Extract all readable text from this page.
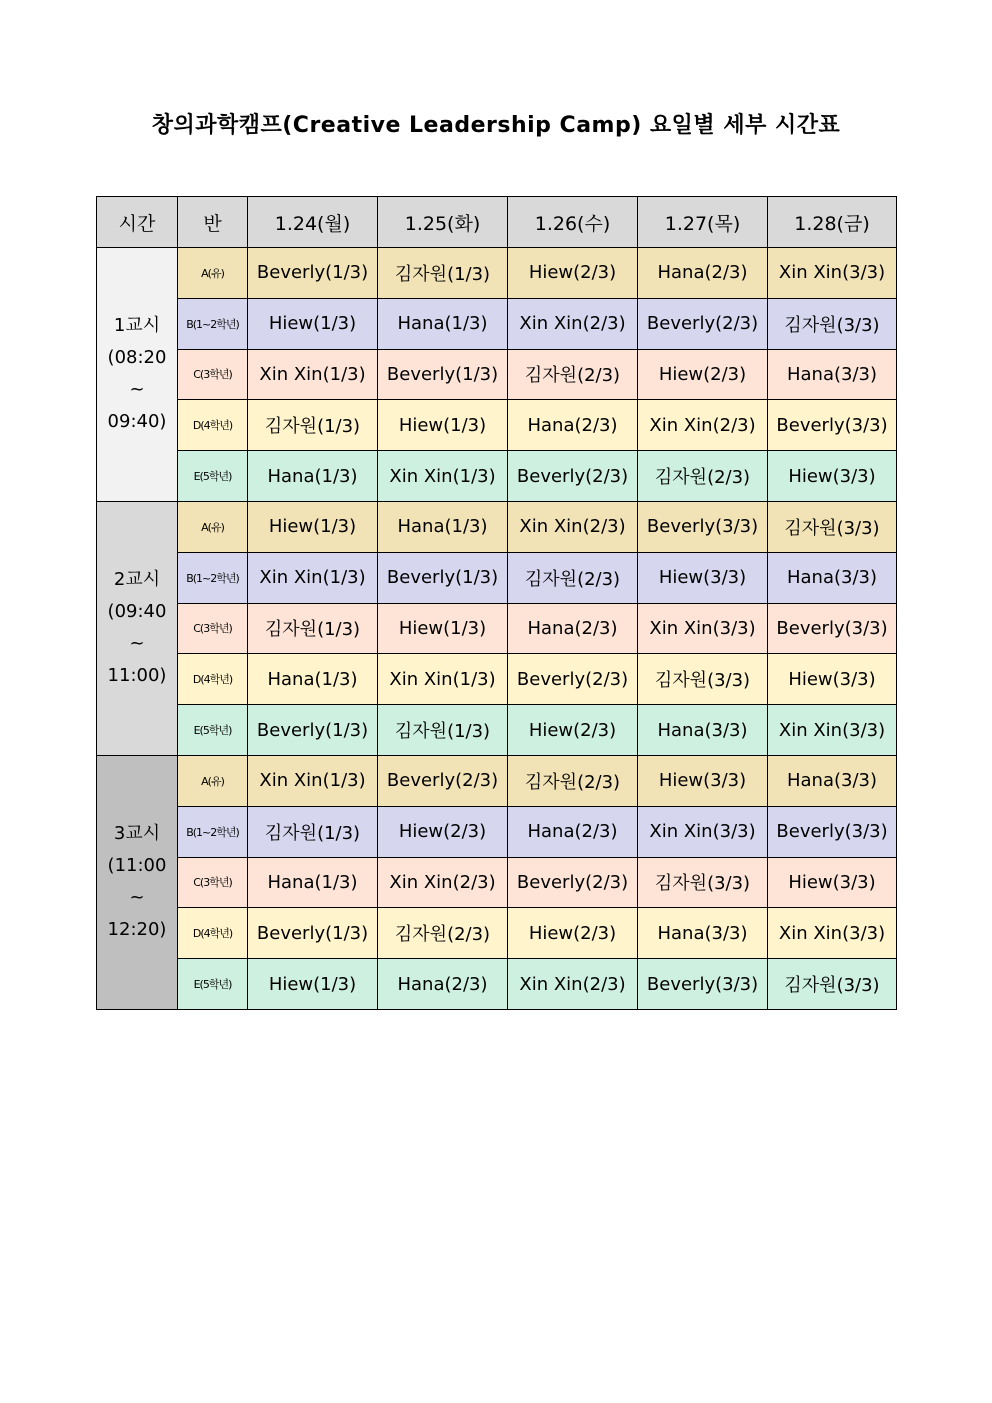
창의과학캠프(Creative Leadership Camp) 요일별 세부 시간표
시간	반	1.24(월)	1.25(화)	1.26(수)	1.27(목)	1.28(금)

1교시
(08:20
~
09:40)	A(유)	Beverly(1/3)	김자원(1/3)	Hiew(2/3)	Hana(2/3)	Xin Xin(3/3)
	B(1~2학년)	Hiew(1/3)	Hana(1/3)	Xin Xin(2/3)	Beverly(2/3)	김자원(3/3)
	C(3학년)	Xin Xin(1/3)	Beverly(1/3)	김자원(2/3)	Hiew(2/3)	Hana(3/3)
	D(4학년)	김자원(1/3)	Hiew(1/3)	Hana(2/3)	Xin Xin(2/3)	Beverly(3/3)
	E(5학년)	Hana(1/3)	Xin Xin(1/3)	Beverly(2/3)	김자원(2/3)	Hiew(3/3)

2교시
(09:40
~
11:00)	A(유)	Hiew(1/3)	Hana(1/3)	Xin Xin(2/3)	Beverly(3/3)	김자원(3/3)
	B(1~2학년)	Xin Xin(1/3)	Beverly(1/3)	김자원(2/3)	Hiew(3/3)	Hana(3/3)
	C(3학년)	김자원(1/3)	Hiew(1/3)	Hana(2/3)	Xin Xin(3/3)	Beverly(3/3)
	D(4학년)	Hana(1/3)	Xin Xin(1/3)	Beverly(2/3)	김자원(3/3)	Hiew(3/3)
	E(5학년)	Beverly(1/3)	김자원(1/3)	Hiew(2/3)	Hana(3/3)	Xin Xin(3/3)

3교시
(11:00
~
12:20)	A(유)	Xin Xin(1/3)	Beverly(2/3)	김자원(2/3)	Hiew(3/3)	Hana(3/3)
	B(1~2학년)	김자원(1/3)	Hiew(2/3)	Hana(2/3)	Xin Xin(3/3)	Beverly(3/3)
	C(3학년)	Hana(1/3)	Xin Xin(2/3)	Beverly(2/3)	김자원(3/3)	Hiew(3/3)
	D(4학년)	Beverly(1/3)	김자원(2/3)	Hiew(2/3)	Hana(3/3)	Xin Xin(3/3)
	E(5학년)	Hiew(1/3)	Hana(2/3)	Xin Xin(2/3)	Beverly(3/3)	김자원(3/3)
